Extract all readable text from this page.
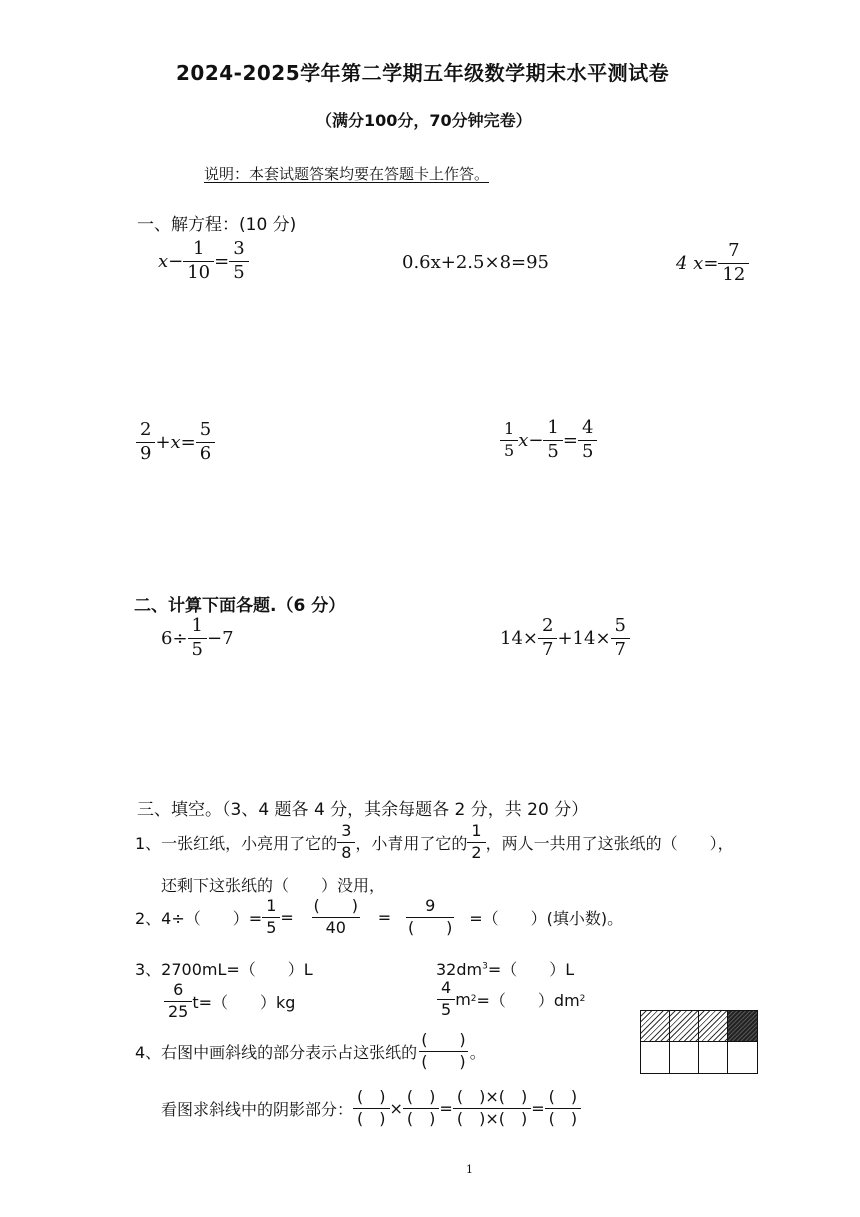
2024-2025学年第二学期五年级数学期末水平测试卷
（满分100分，70分钟完卷）
说明：本套试题答案均要在答题卡上作答。
一、解方程：(10 分)
$x- \frac{1}{10} = \frac{3}{5}$	0.6x+2.5×8=95	4 $x= \frac{7}{12}$
$\frac{2}{9} +x= \frac{5}{6}$	$\frac{1}{5} x- \frac{1}{5} = \frac{4}{5}$
二、计算下面各题.（6 分）
$6\div \frac{1}{5} -7$	$14\times \frac{2}{7} +14\times \frac{5}{7}$
三、填空。（3、4 题各 4 分，其余每题各 2 分，共 20 分）
1、一张红纸，小亮用了它的 $\frac{3}{8}$ ，小青用了它的 $\frac{1}{2}$ ，两人一共用了这张纸的（　　），
还剩下这张纸的（　　）没用，
2、4÷（　　）= $\frac{1}{5} = \frac{( )}{40} = \frac{9}{( )}$ =（　　）(填小数)。
3、2700mL=（　　）L	$32dm^3=$（　　）L
$\frac{6}{25} t=$（　　）kg	$\frac{4}{5}$ m 2 =（　　）dm 2
4、右图中画斜线的部分表示占这张纸的 $\frac{( )}{( )}$ 。
看图求斜线中的阴影部分： $\frac{( )}{( )} \times \frac{( )}{( )} = \frac{( )\times( )}{( )\times( )} = \frac{( )}{( )}$
1
